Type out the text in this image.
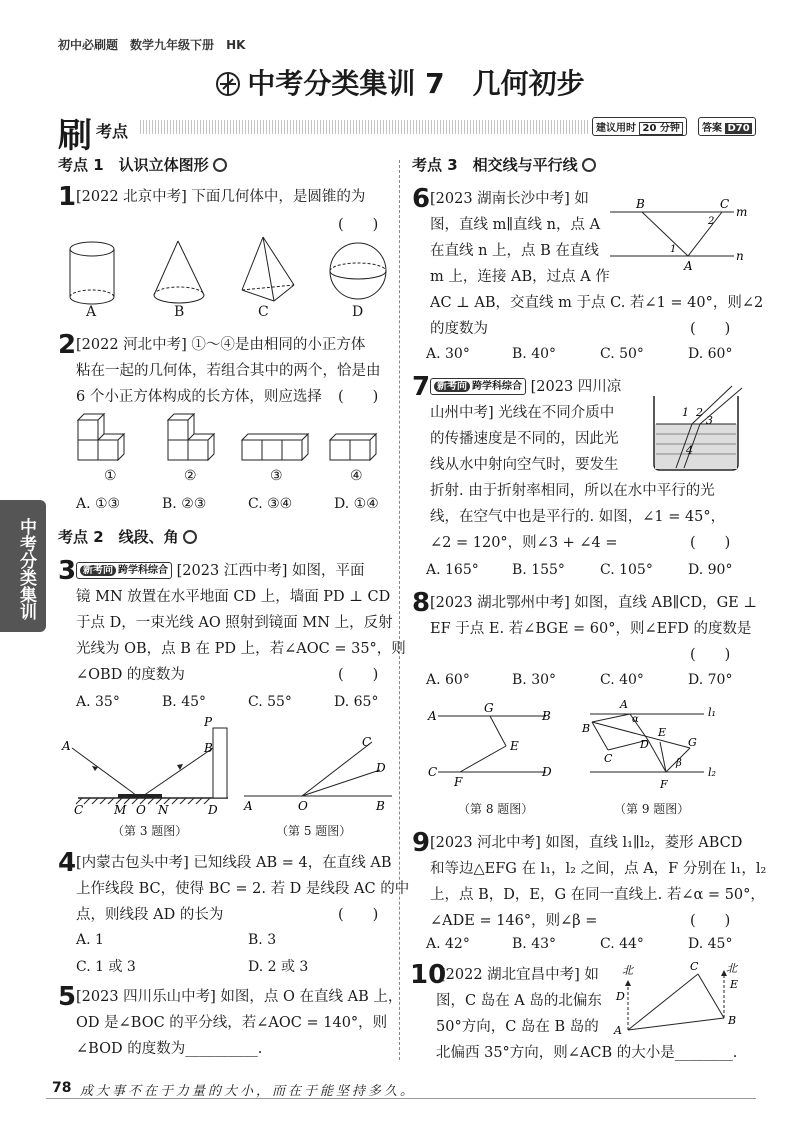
初中必刷题　 数学九年级下册　 HK
中考分类集训 7　几何初步
刷 考点	建议用时 20 分钟	答案 D70
中考分类集训
考点 1　认识立体图形
1 [2022 北京中考] 下面几何体中，是圆锥的为
(　　)
A	B	C	D
2 [2022 河北中考] ①～④是由相同的小正方体
粘在一起的几何体，若组合其中的两个，恰是由
6 个小正方体构成的长方体，则应选择 (　　)
①	②	③	④
A. ①③	B. ②③	C. ③④	D. ①④
考点 2　线段、角
3 新考向 跨学科综合 [2023 江西中考] 如图，平面
镜 MN 放置在水平地面 CD 上，墙面 PD ⊥ CD
于点 D，一束光线 AO 照射到镜面 MN 上，反射
光线为 OB，点 B 在 PD 上，若∠AOC = 35°，则
∠OBD 的度数为	(　　)
A. 35°	B. 45°	C. 55°	D. 65°
A	B
C	M O N	D
P
A	O	B
C
D
（第 3 题图）	（第 5 题图）
4 [内蒙古包头中考] 已知线段 AB = 4，在直线 AB
上作线段 BC，使得 BC = 2. 若 D 是线段 AC 的中
点，则线段 AD 的长为	(　　)
A. 1	B. 3
C. 1 或 3	D. 2 或 3
5 [2023 四川乐山中考] 如图，点 O 在直线 AB 上，
OD 是∠BOC 的平分线，若∠AOC = 140°，则
∠BOD 的度数为__________.
考点 3　相交线与平行线
6 [2023 湖南长沙中考] 如
图，直线 m∥直线 n，点 A
在直线 n 上，点 B 在直线
m 上，连接 AB，过点 A 作
AC ⊥ AB，交直线 m 于点 C. 若∠1 = 40°，则∠2
的度数为	(　　)
A. 30°	B. 40°	C. 50°	D. 60°
B	C
m
n
A
1
2
7 新考向 跨学科综合 [2023 四川凉
山州中考] 光线在不同介质中
的传播速度是不同的，因此光
线从水中射向空气时，要发生
折射. 由于折射率相同，所以在水中平行的光
线，在空气中也是平行的. 如图，∠1 = 45°，
∠2 = 120°，则∠3 + ∠4 =	(　　)
A. 165° B. 155°	C. 105°	D. 90°
1 2
3
4
8 [2023 湖北鄂州中考] 如图，直线 AB∥CD，GE ⊥
EF 于点 E. 若∠BGE = 60°，则∠EFD 的度数是
(　　)
A. 60°	B. 30°	C. 40°	D. 70°
A	B
G
E
C
F
D
A
α
l₁
l₂
B
C
D
E
G
β
F
（第 8 题图）	（第 9 题图）
9 [2023 河北中考] 如图，直线 l₁∥l₂，菱形 ABCD
和等边△EFG 在 l₁，l₂ 之间，点 A，F 分别在 l₁，l₂
上，点 B，D，E，G 在同一直线上. 若∠α = 50°，
∠ADE = 146°，则∠β =	(　　)
A. 42°	B. 43°	C. 44°	D. 45°
10
[2022 湖北宜昌中考] 如
图，C 岛在 A 岛的北偏东
50°方向，C 岛在 B 岛的
北偏西 35°方向，则∠ACB 的大小是________.
北	北
D
E
C
A
B
78 成大事不在于力量的大小，而在于能坚持多久。
